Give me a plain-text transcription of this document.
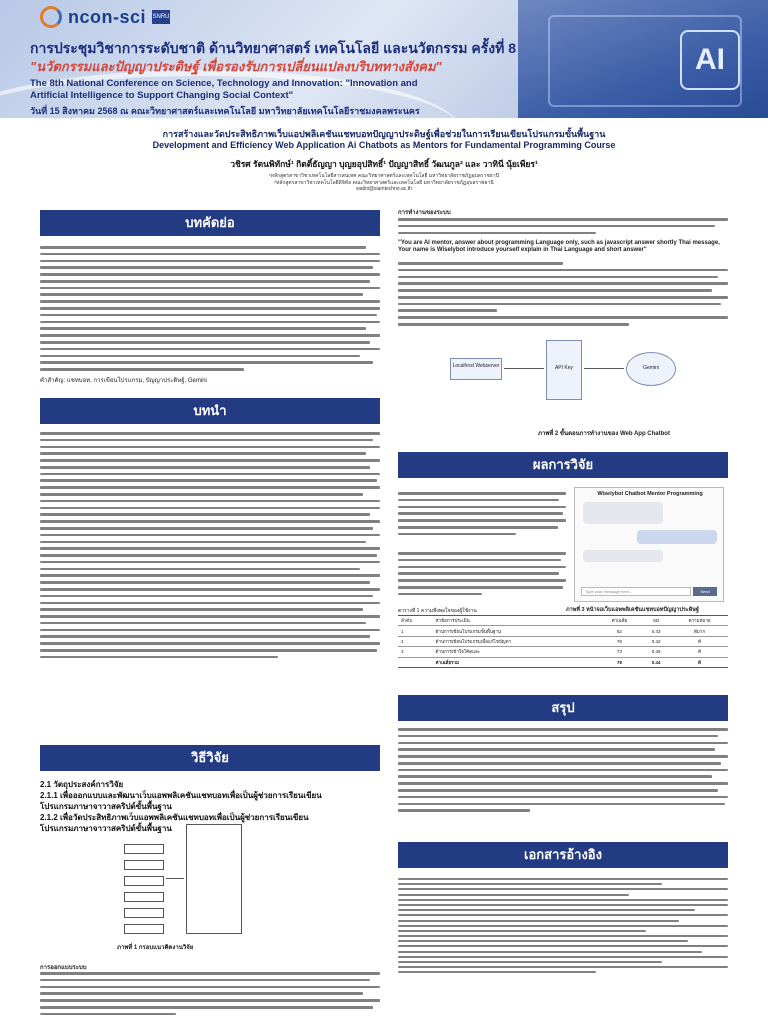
AI
ncon-sci SNRU
การประชุมวิชาการระดับชาติ ด้านวิทยาศาสตร์ เทคโนโลยี และนวัตกรรม ครั้งที่ 8
"นวัตกรรมและปัญญาประดิษฐ์ เพื่อรองรับการเปลี่ยนแปลงบริบททางสังคม"
The 8th National Conference on Science, Technology and Innovation: "Innovation and
Artificial Intelligence to Support Changing Social Context"
วันที่ 15 สิงหาคม 2568 ณ คณะวิทยาศาสตร์และเทคโนโลยี มหาวิทยาลัยเทคโนโลยีราชมงคลพระนคร
การสร้างและวัดประสิทธิภาพเว็บแอปพลิเคชันแชทบอทปัญญาประดิษฐ์เพื่อช่วยในการเรียนเขียนโปรแกรมขั้นพื้นฐาน
Development and Efficiency Web Application Ai Chatbots as Mentors for Fundamental Programming Course
วชิรศ รัตนพิทักษ์¹ กิตติ์ธัญญา บุญยอุปสิทธิ์¹ ปัญญาสิทธิ์ วัฒนกูล² และ วาทินี นุ้ยเพียร¹
¹หลักสูตรสาขาวิชาเทคโนโลยีสารสนเทศ คณะวิทยาศาสตร์และเทคโนโลยี มหาวิทยาลัยราชภัฏอุบลราชธานี
²หลักสูตรสาขาวิชาเทคโนโลยีดิจิทัล คณะวิทยาศาสตร์และเทคโนโลยี มหาวิทยาลัยราชภัฏอุบลราชธานี
watini@siamtechno.ac.th
บทคัดย่อ
คำสำคัญ: แชทบอท, การเขียนโปรแกรม, ปัญญาประดิษฐ์, Gemini
บทนำ
วิธีวิจัย
2.1 วัตถุประสงค์การวิจัย
2.1.1 เพื่อออกแบบและพัฒนาเว็บแอพพลิเคชันแชทบอทเพื่อเป็นผู้ช่วยการเรียนเขียน
โปรแกรมภาษาจาวาสคริปต์ขั้นพื้นฐาน
2.1.2 เพื่อวัดประสิทธิภาพเว็บแอพพลิเคชันแชทบอทเพื่อเป็นผู้ช่วยการเรียนเขียน
โปรแกรมภาษาจาวาสคริปต์ขั้นพื้นฐาน
ภาพที่ 1 กรอบแนวคิดงานวิจัย
การออกแบบระบบ
การทำงานของระบบ
"You are AI mentor, answer about programming Language only, such as javascript answer shortly Thai message, Your name is Wiselybot introduce yourself explain in Thai Language and short answer"
Localhost Webserver	API Key	Gemini
ภาพที่ 2 ขั้นตอนการทำงานของ Web App Chatbot
ผลการวิจัย
Wiselybot Chatbot Mentor Programming
Type your message here...	Send
ภาพที่ 3 หน้าจอเว็บแอพพลิเคชันแชทบอทปัญญาประดิษฐ์
ตารางที่ 1 ความพึงพอใจของผู้ใช้งาน
ลำดับ	หัวข้อการประเมิน	ค่าเฉลี่ย	SD	ความหมาย
1	ด้านการเขียนโปรแกรมขั้นพื้นฐาน	82	0.43	ดีมาก
2	ด้านการเขียนโปรแกรมเพื่อแก้ไขปัญหา	78	0.42	ดี
3	ด้านการเข้าใจโค้ดและ	73	0.46	ดี
	ค่าเฉลี่ยรวม	78	0.44	ดี
สรุป
เอกสารอ้างอิง
